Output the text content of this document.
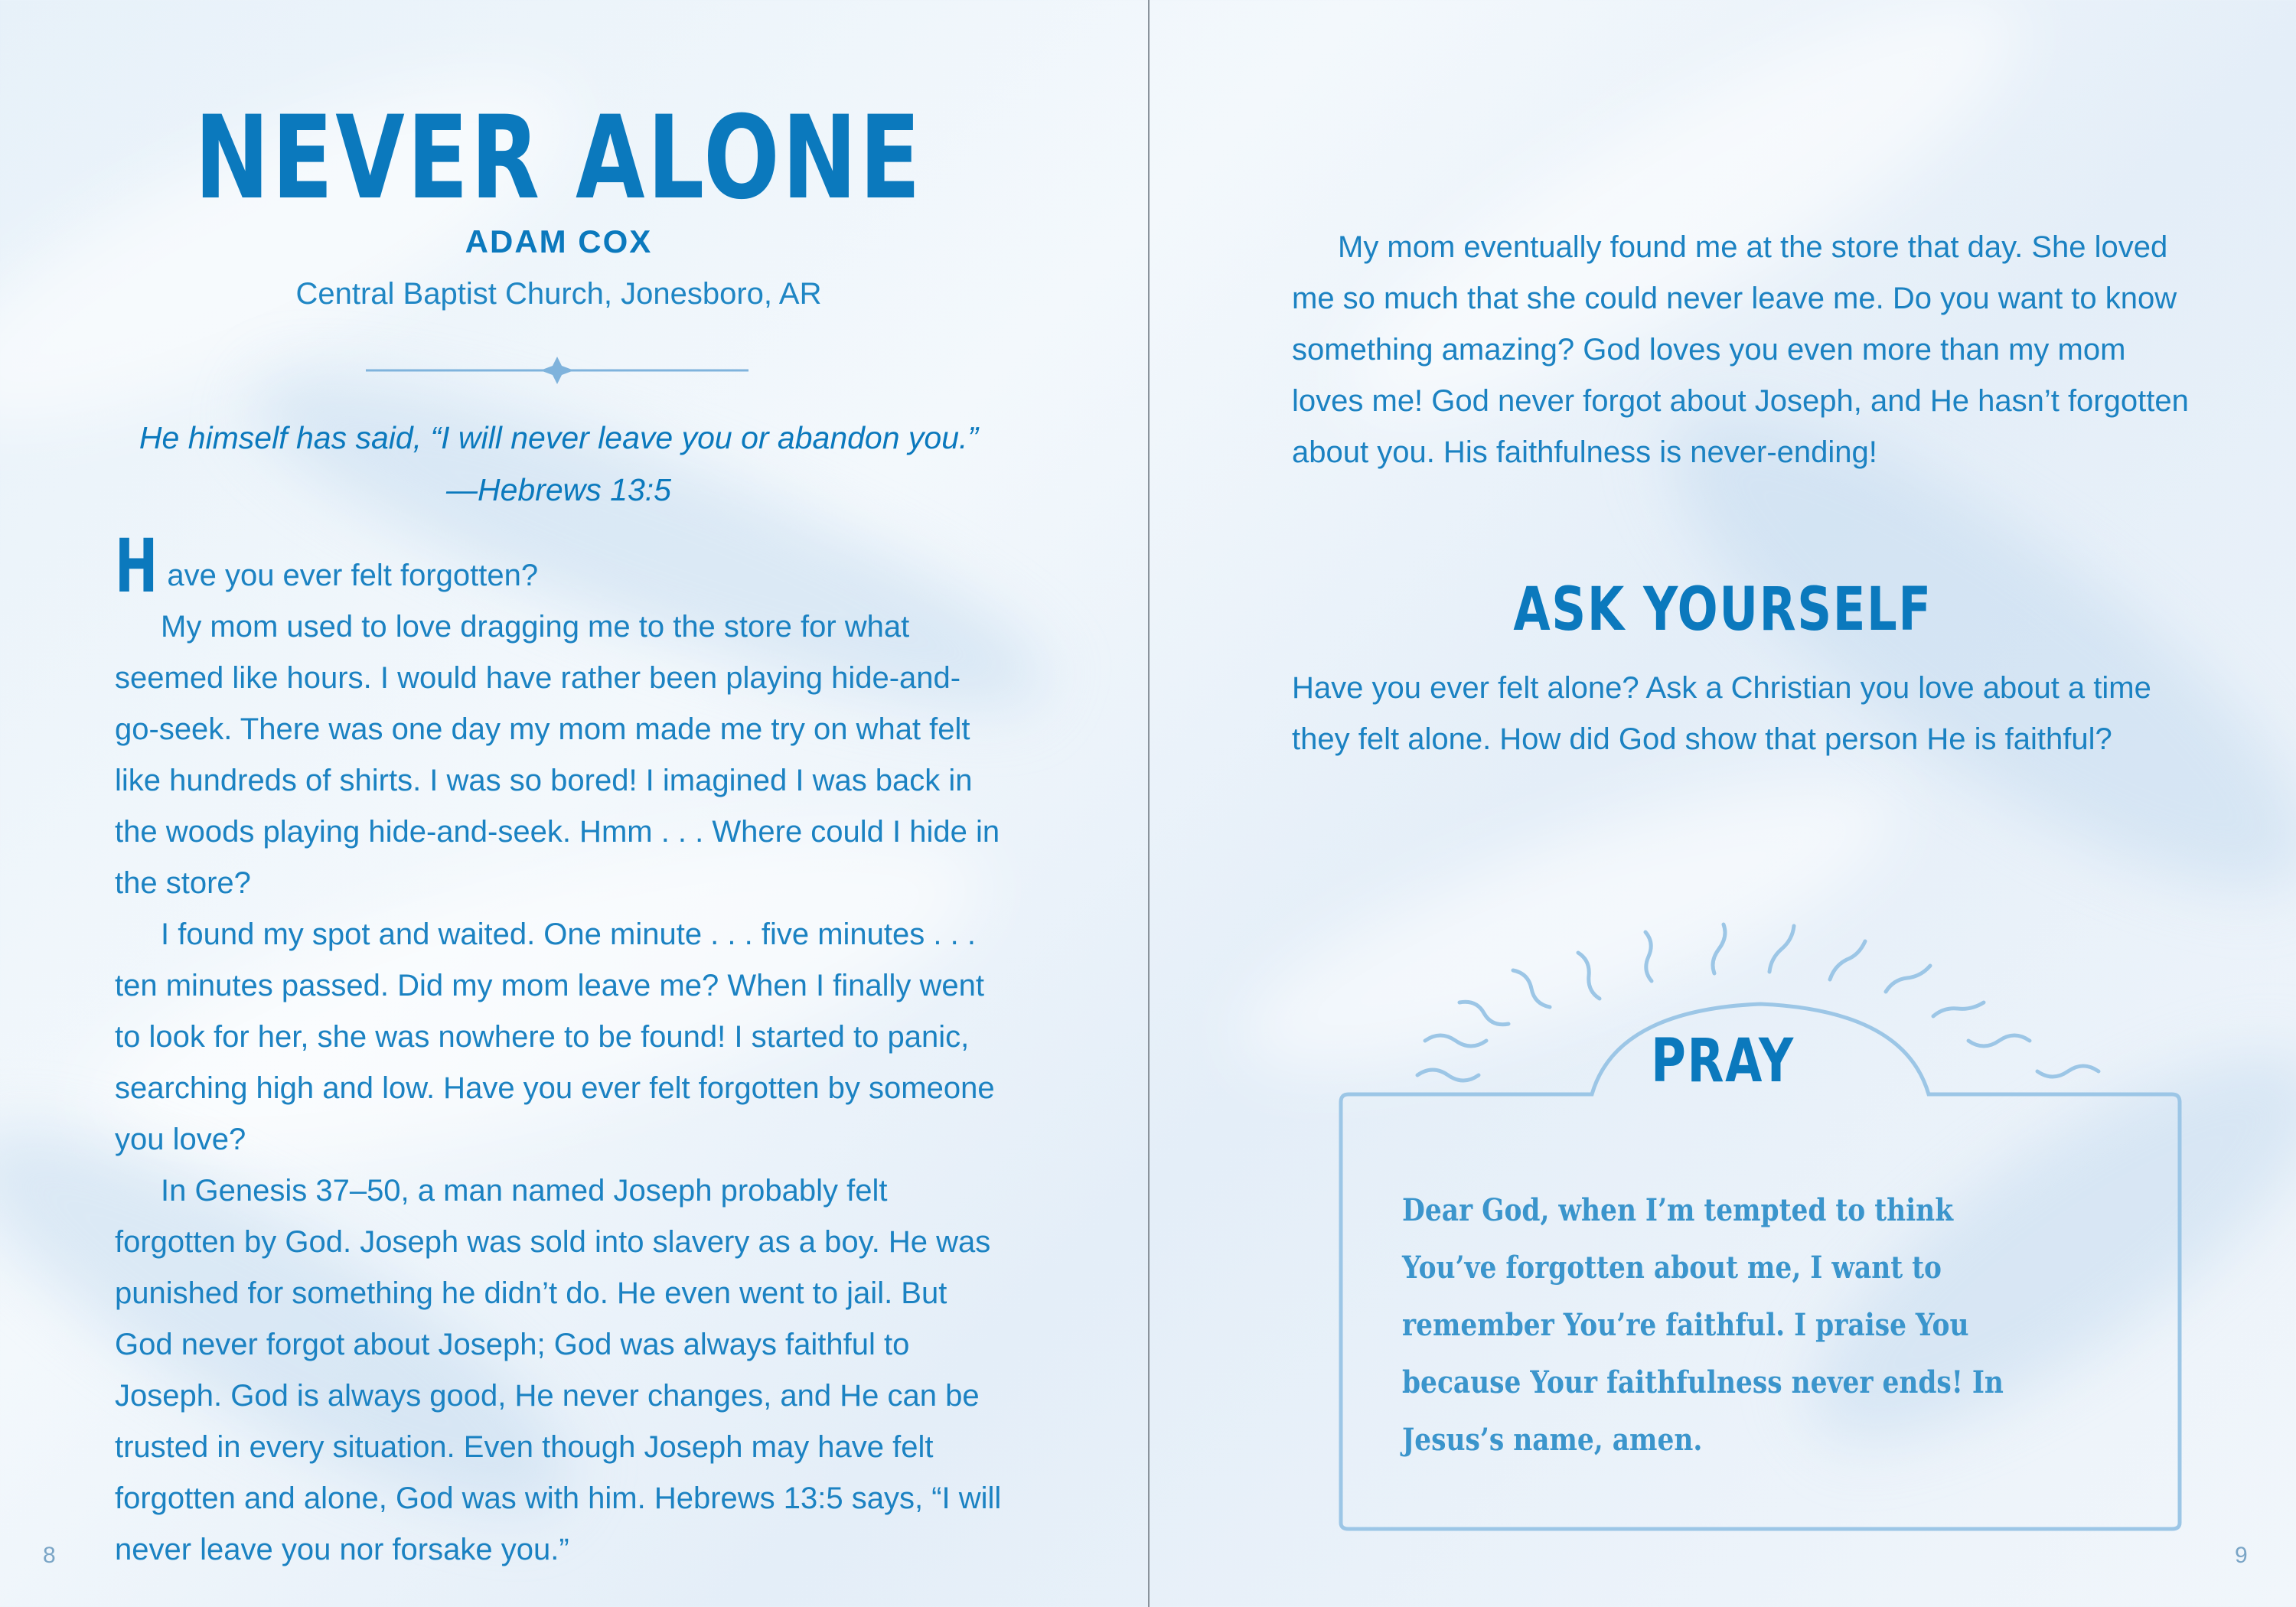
NEVER ALONE
ADAM COX
Central Baptist Church, Jonesboro, AR
He himself has said, “I will never leave you or abandon you.”
—Hebrews 13:5

Have you ever felt forgotten?

My mom used to love dragging me to the store for what seemed like hours. I would have rather been playing hide-and-go-seek. There was one day my mom made me try on what felt like hundreds of shirts. I was so bored! I imagined I was back in the woods playing hide-and-seek. Hmm . . . Where could I hide in the store?

I found my spot and waited. One minute . . . five minutes . . . ten minutes passed. Did my mom leave me? When I finally went to look for her, she was nowhere to be found! I started to panic, searching high and low. Have you ever felt forgotten by someone you love?

In Genesis 37–50, a man named Joseph probably felt forgotten by God. Joseph was sold into slavery as a boy. He was punished for something he didn’t do. He even went to jail. But God never forgot about Joseph; God was always faithful to Joseph. God is always good, He never changes, and He can be trusted in every situation. Even though Joseph may have felt forgotten and alone, God was with him. Hebrews 13:5 says, “I will never leave you nor forsake you.”

8

My mom eventually found me at the store that day. She loved me so much that she could never leave me. Do you want to know something amazing? God loves you even more than my mom loves me! God never forgot about Joseph, and He hasn’t forgotten about you. His faithfulness is never-ending!

ASK YOURSELF
Have you ever felt alone? Ask a Christian you love about a time they felt alone. How did God show that person He is faithful?
PRAY
Dear God, when I’m tempted to think You’ve forgotten about me, I want to remember You’re faithful. I praise You because Your faithfulness never ends! In Jesus’s name, amen.
9
